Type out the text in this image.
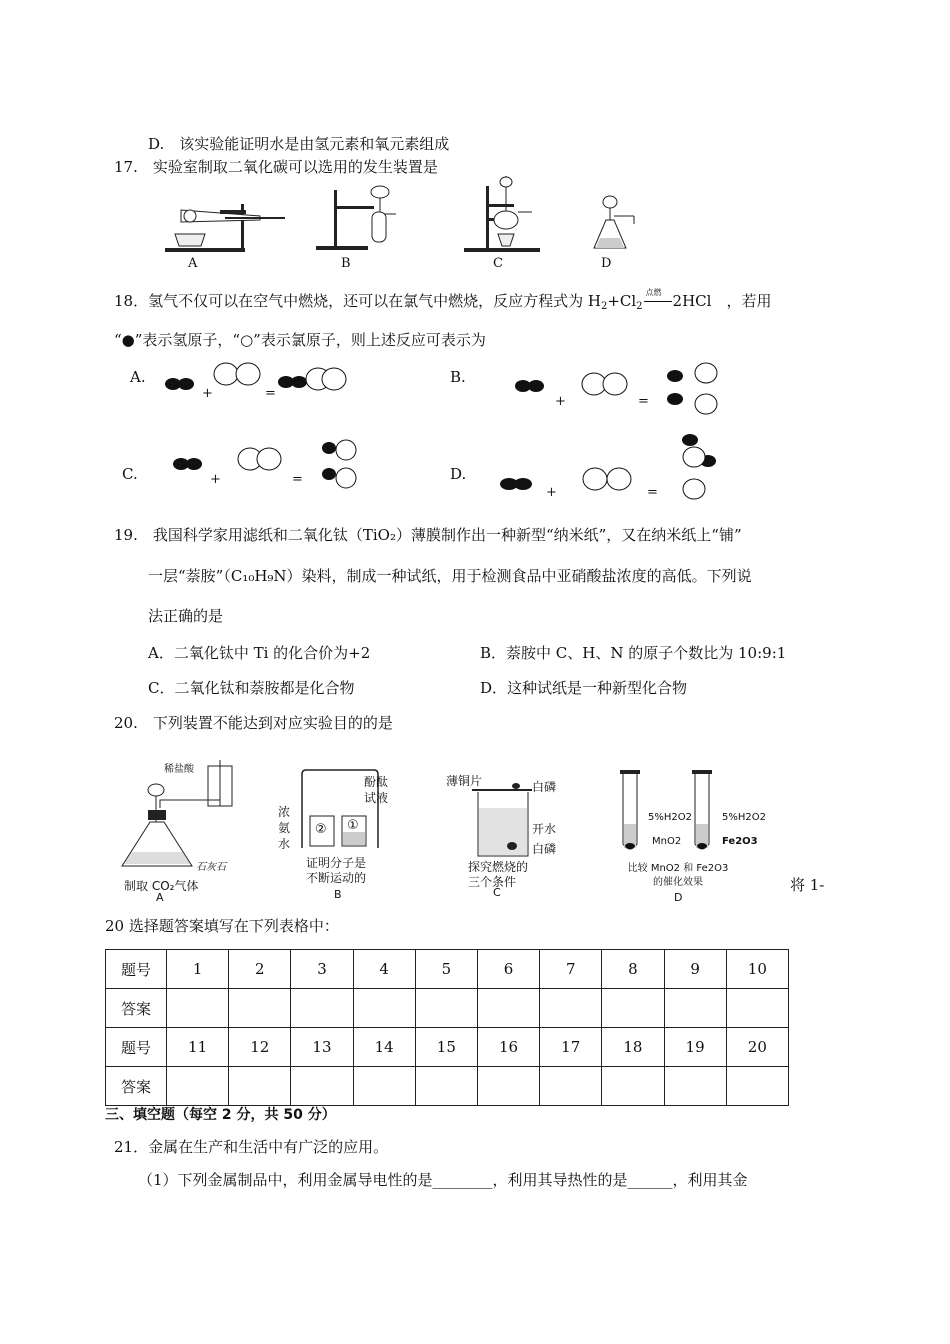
D.　该实验能证明水是由氢元素和氧元素组成
17.　实验室制取二氧化碳可以选用的发生装置是
A	B	C	D
18．氢气不仅可以在空气中燃烧，还可以在氯气中燃烧，反应方程式为 $H_2+Cl_2$
点燃 2HCl　，若用
“●”表示氢原子，“○”表示氯原子，则上述反应可表示为
A.
+	=
B.
+	=
C.	+	=	D.
+	=
19.　我国科学家用滤纸和二氧化钛（TiO₂）薄膜制作出一种新型“纳米纸”，又在纳米纸上“铺”
一层“萘胺”（C₁₀H₉N）染料，制成一种试纸，用于检测食品中亚硝酸盐浓度的高低。下列说
法正确的是
A．二氧化钛中 Ti 的化合价为+2	B．萘胺中 C、H、N 的原子个数比为 10:9:1
C．二氧化钛和萘胺都是化合物	D．这种试纸是一种新型化合物
20.　下列装置不能达到对应实验目的的是
稀盐酸
石灰石
制取 CO₂气体
A
浓
氨
水
酚酞
试液
② ①
证明分子是
不断运动的
B
薄铜片	白磷
开水
白磷
探究燃烧的
三个条件
C
5%H2O2
MnO2
5%H2O2
Fe2O3
比较 MnO2 和 Fe2O3
的催化效果
D
将 1-
20 选择题答案填写在下列表格中：
题号	1	2	3	4	5	6	7	8	9	10
答案										
题号	11	12	13	14	15	16	17	18	19	20
答案										
三、填空题（每空 2 分，共 50 分）
21．金属在生产和生活中有广泛的应用。
（1）下列金属制品中，利用金属导电性的是________，利用其导热性的是______，利用其金
